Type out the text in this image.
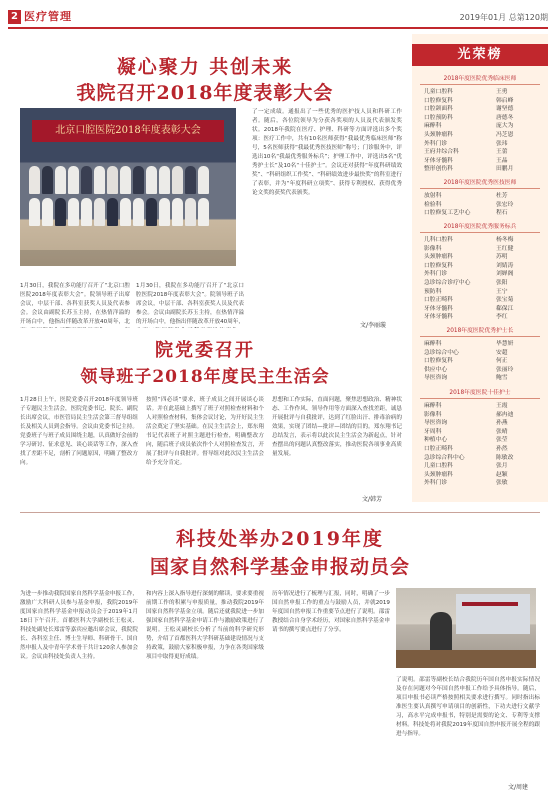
2 医疗管理	2019年01月 总第120期
凝心聚力 共创未来
我院召开2018年度表彰大会
北京口腔医院2018年度表彰大会
1月30日，我院在多功能厅召开了“北京口腔医院2018年度表彰大会”。院领导班子出席会议，中层干部、各科室获奖人员及代表参会。会议由副院长苏玉主持，在热情洋溢的开场白中，他指出伴随改革开放40周年，北
1月30日，我院在多功能厅召开了“北京口腔医院2018年度表彰大会”。院领导班子出席会议，中层干部、各科室获奖人员及代表参会。会议由副院长苏玉主持，在热情洋溢的开场白中，他指出伴随改革开放40周年，
了一定成绩。通报出了一些优秀的医护技人员和科研工作者。随后，各位院领导为分获各奖项的人员及代表颁发奖状。2018年我院在医疗、护理、科研等方面评选出多个奖项：医疗工作中，共有10名医师获得“我最优秀临床医师”称号，5名医师获得“我最优秀医技医师”称号；门诊服务中，评选出10名“我最优秀服务标兵”；护理工作中，评选出5名“优秀护士长”及10名“十佳护士”。会议还对获得“年度科研绩效奖”、“科研组织工作奖”、“科研绩效进步最快奖”的科室进行了表彰，并为“年度科研立项奖”、获得专利授权、获得优秀论文奖的获奖代表颁奖。
文/李丽璇
光荣榜
2018年度医院优秀临床医师
儿童口腔科	王勇
口腔修复科	韩启峰
口腔颌面科	谢坚德
口腔预防科	唐德冬
麻醉科	庞大为
头颈肿瘤科	冯芝恩
外科门诊	张玮
王府井综合科	王蕾
牙体牙髓科	王晶
整形创伤科	田鹏月
2018年度医院优秀医技医师
放射科	杜芳
检验科	张宏玲
口腔修复工艺中心	程石
2018年度医院优秀服务标兵
儿科口腔科	杨冬梅
影像科	王红健
头颈肿瘤科	苏明
口腔修复科	刘婧涛
外科门诊	刘婵阁
急诊综合诊疗中心	张阳
预防科	王宁
口腔正畸科	张宝菊
牙体牙髓科	郗保江
牙体牙髓科	李红
2018年度医院优秀护士长
麻醉科	毕慧妍
急诊综合中心	安超
口腔修复科	何正
供应中心	张丽玲
导医咨询	鲍雪
2018年度医院十佳护士
麻醉科	王霞
影像科	郝冉迪
导医咨询	孙燕
牙周科	张晴
种植中心	张莹
口腔正畸科	孙然
急诊综合科中心	陈敏改
儿童口腔科	张月
头颈肿瘤科	赵颖
外科门诊	张敏
院党委召开
领导班子2018年度民主生活会
1月28日上午，医院党委召开2018年度领导班子专题民主生活会，医院党委书记、院长、副院长出席会议，市医管局民主生活会第三督导组组长及相关人员到会指导。会议由党委书记主持。党委班子与班子成员围绕主题，认真做好会前的学习研讨、征求意见、谈心谈话等工作，深入查找了差距不足，剖析了问题原因，明确了整改方向。
按照“四必谈”要求，班子成员之间开展谈心谈话。并在此基础上撰写了班子对照检查材料和个人对照检查材料，集体会议讨论，为开好民主生活会奠定了坚实基础。在民主生活会上，郑东翔书记代表班子对照主题进行检查，明确整改方向，随后班子成员依次作个人对照检查发言，开展了批评与自我批评。督导组对此次民主生活会给予充分肯定。
思想和工作实际，直面问题，聚焦思想政治、精神状态、工作作风、领导作用等方面深入查找差距，诚恳开展批评与自我批评，达到了红脸出汗、排毒治病的效果，实现了团结—批评—团结的目的。郑东翔书记总结发言，表示将以此次民主生活会为新起点，针对查摆出的问题认真整改落实，推动医院各项事业高质量发展。
文/韩芳
科技处举办2019年度
国家自然科学基金申报动员会
为进一步推动我院国家自然科学基金申报工作，激励广大科研人员参与基金申报，我院2019年度国家自然科学基金申报动员会于2019年1月18日下午召开。首都医科大学副校长王松灵、科技处副处长郑雷等嘉宾应邀出席会议，我院院长、各科室主任、博士生导师、科研骨干、国自然申报人及中青年学术骨干共计120余人参加会议。会议由科技处负责人主持。
和内容上深入指导进行深刻的解读，要求要重视前期工作的积累与申报质量，推动我院2019年国家自然科学基金立项。随后还就我院进一步加强国家自然科学基金申请工作与激励政策进行了说明。王松灵副校长分析了当前的科学研究形势，介绍了首都医科大学科研基础建设情况与支持政策，鼓励大家积极申报，力争在各类国家级项目中取得更好成绩。
历年情况进行了梳理与汇报，同时，明确了一步国自然申报工作的重点与鼓励人员，并就2019年度国自然申报工作重要节点进行了说明。邵雷教授结合自身学术经历，对国家自然科学基金申请书的撰写要点进行了分享。
了说明。邵雷等副校长结合我院历年国自然申报实际情况及存在问题对今年国自然申报工作给予具体指导。随后，项目申报书必读严格按照相关要求进行撰写。同时指出标准医生要认真撰写申请项目的创新性，下功夫进行文献学习，高水平完成申报书，特别是需要的论文、专利等支撑材料。科技处将对我院2019年度国自然申报开展全程的跟进与指导。
文/周建
